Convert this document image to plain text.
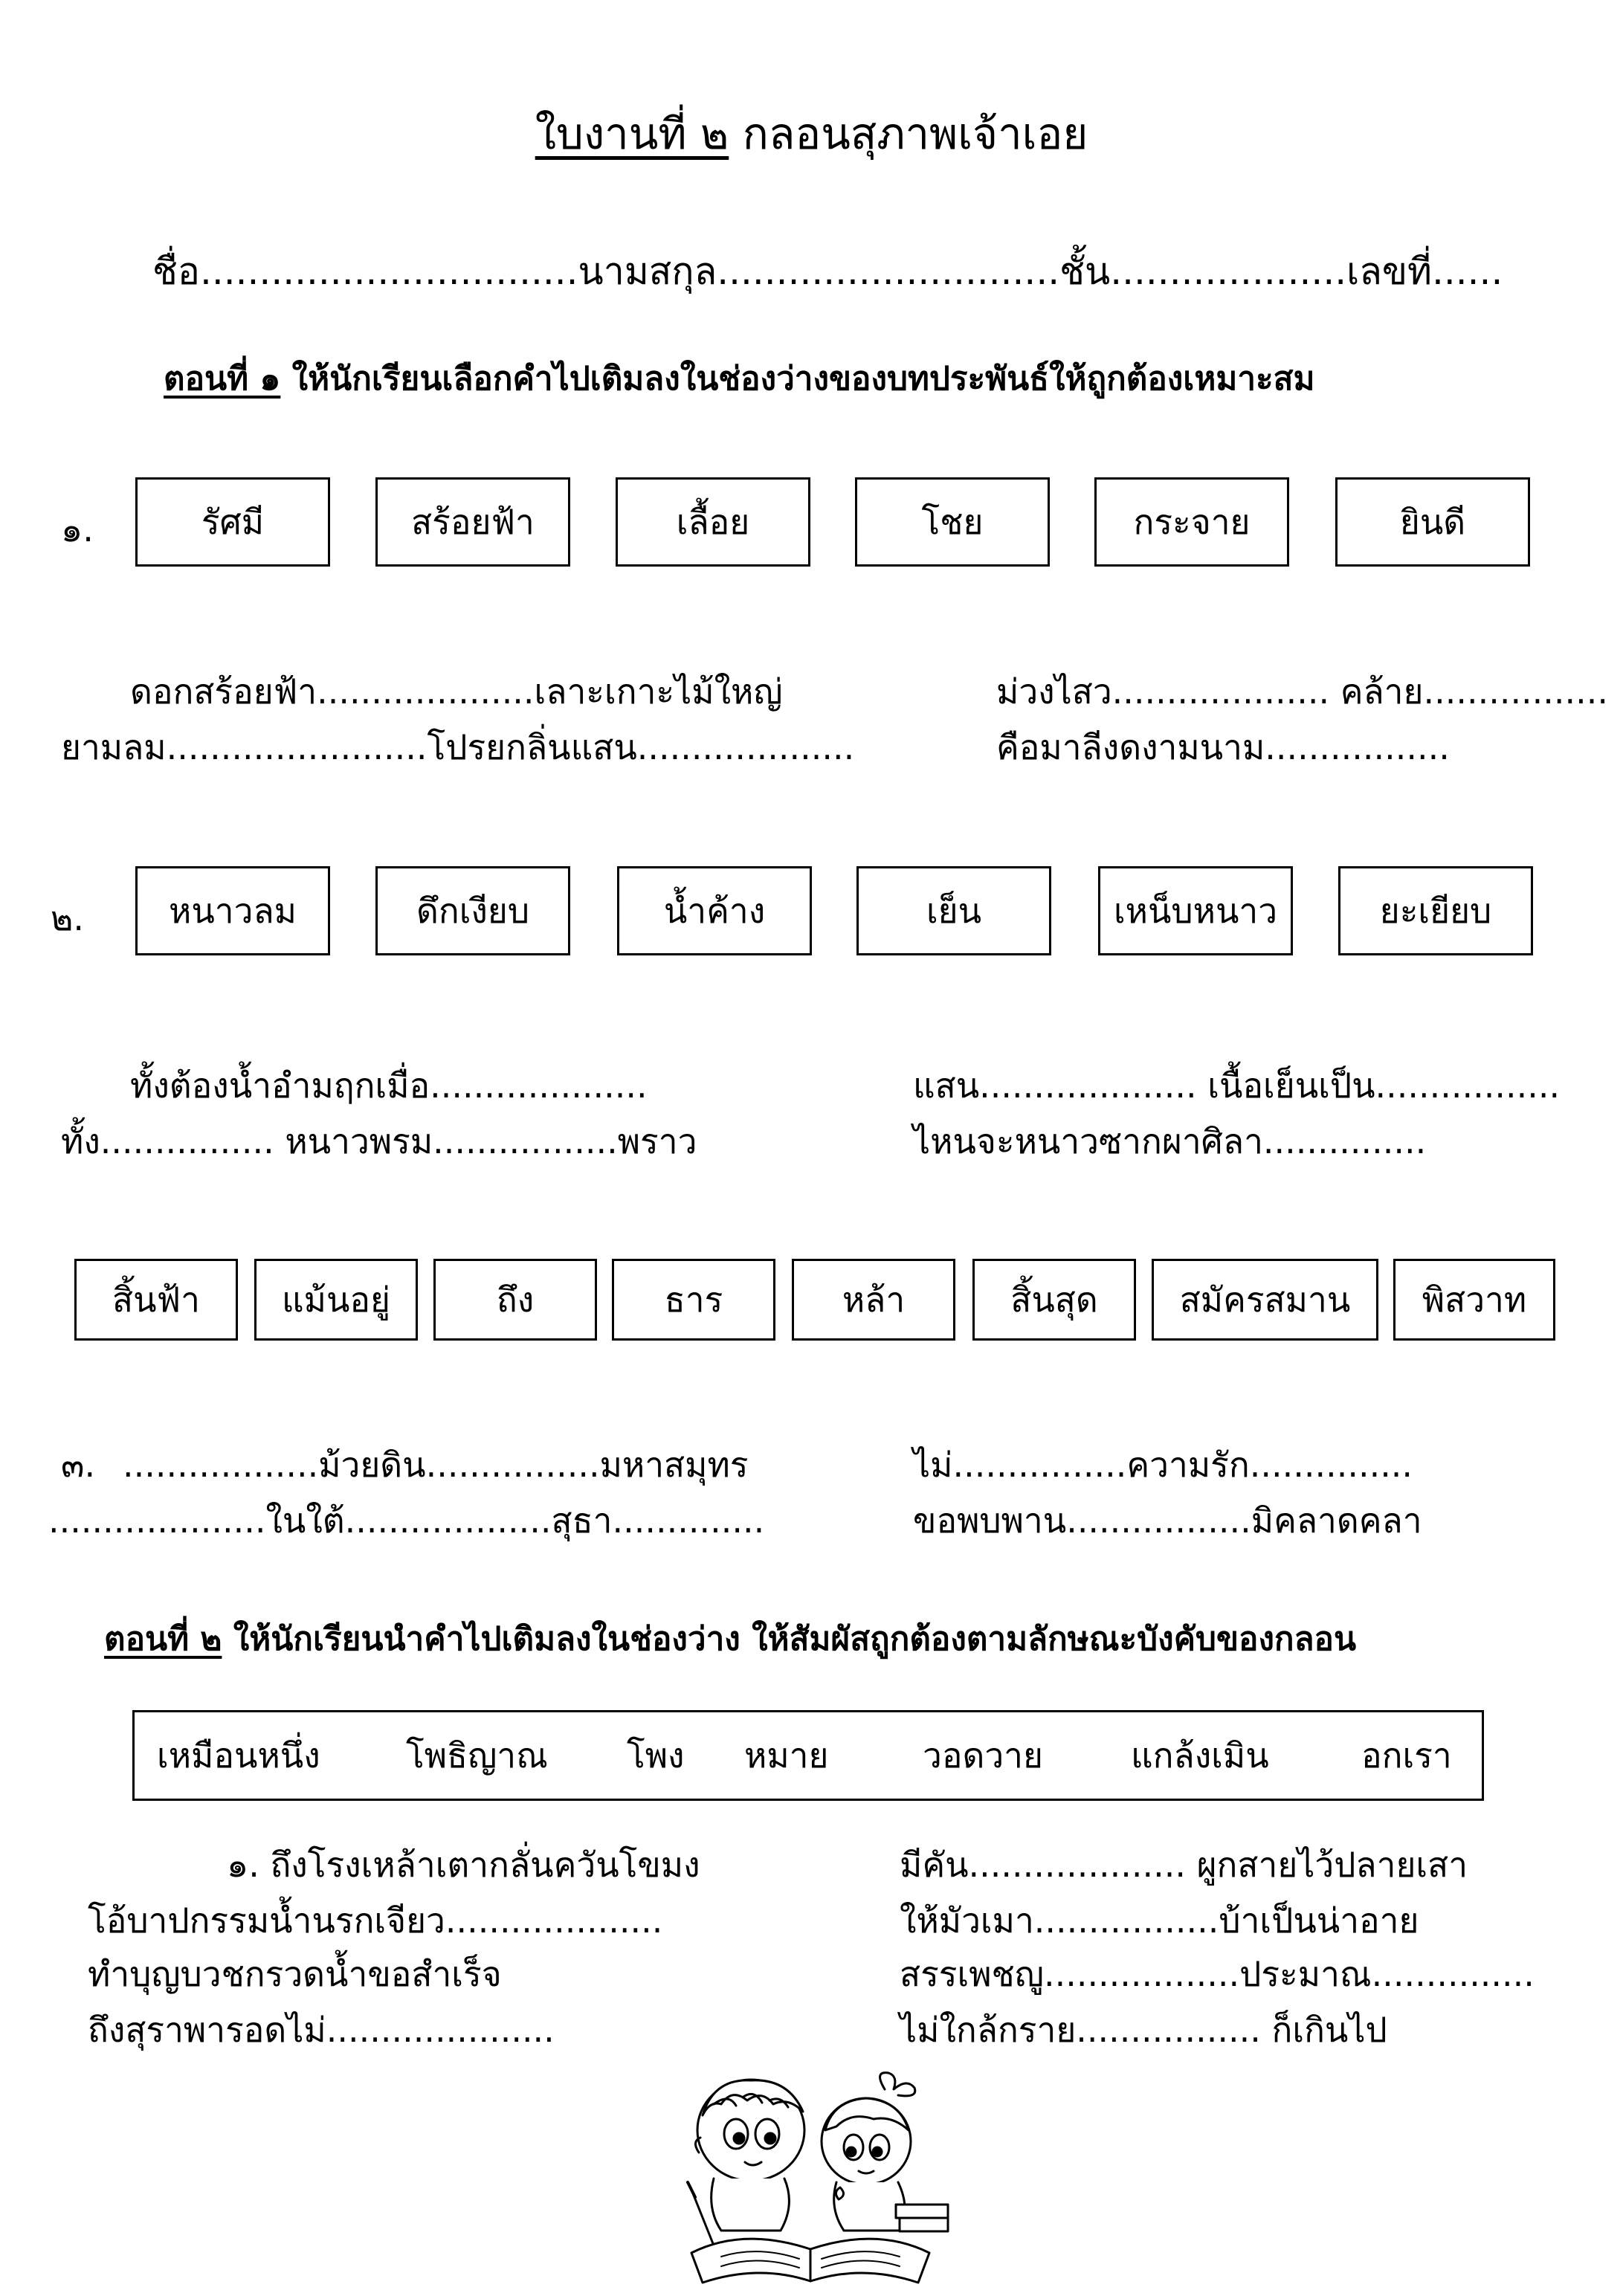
ใบงานที่ ๒ กลอนสุภาพเจ้าเอย
ชื่อ................................นามสกุล.............................ชั้น....................เลขที่......
ตอนที่ ๑ ให้นักเรียนเลือกคำไปเติมลงในช่องว่างของบทประพันธ์ให้ถูกต้องเหมาะสม
๑.	รัศมี	สร้อยฟ้า	เลื้อย	โชย	กระจาย	ยินดี
ดอกสร้อยฟ้า....................เลาะเกาะไม้ใหญ่	ม่วงไสว.................... คล้าย.................
ยามลม........................โปรยกลิ่นแสน....................	คือมาลีงดงามนาม.................
๒.	หนาวลม	ดึกเงียบ	น้ำค้าง	เย็น	เหน็บหนาว	ยะเยียบ
ทั้งต้องน้ำอำมฤกเมื่อ....................	แสน.................... เนื้อเย็นเป็น.................
ทั้ง................ หนาวพรม.................พราว	ไหนจะหนาวซากผาศิลา...............
สิ้นฟ้า	แม้นอยู่	ถึง	ธาร	หล้า	สิ้นสุด	สมัครสมาน	พิสวาท
๓. ..................ม้วยดิน................มหาสมุทร	ไม่................ความรัก...............
....................ในใต้...................สุธา..............	ขอพบพาน.................มิคลาดคลา
ตอนที่ ๒ ให้นักเรียนนำคำไปเติมลงในช่องว่าง ให้สัมผัสถูกต้องตามลักษณะบังคับของกลอน
เหมือนหนึ่ง	โพธิญาณ โพง หมาย	วอดวาย	แกล้งเมิน	อกเรา
๑. ถึงโรงเหล้าเตากลั่นควันโขมง	มีคัน.................... ผูกสายไว้ปลายเสา
โอ้บาปกรรมน้ำนรกเจียว....................	ให้มัวเมา.................บ้าเป็นน่าอาย
ทำบุญบวชกรวดน้ำขอสำเร็จ	สรรเพชญู..................ประมาณ...............
ถึงสุราพารอดไม่.....................	ไม่ใกล้กราย................. ก็เกินไป
